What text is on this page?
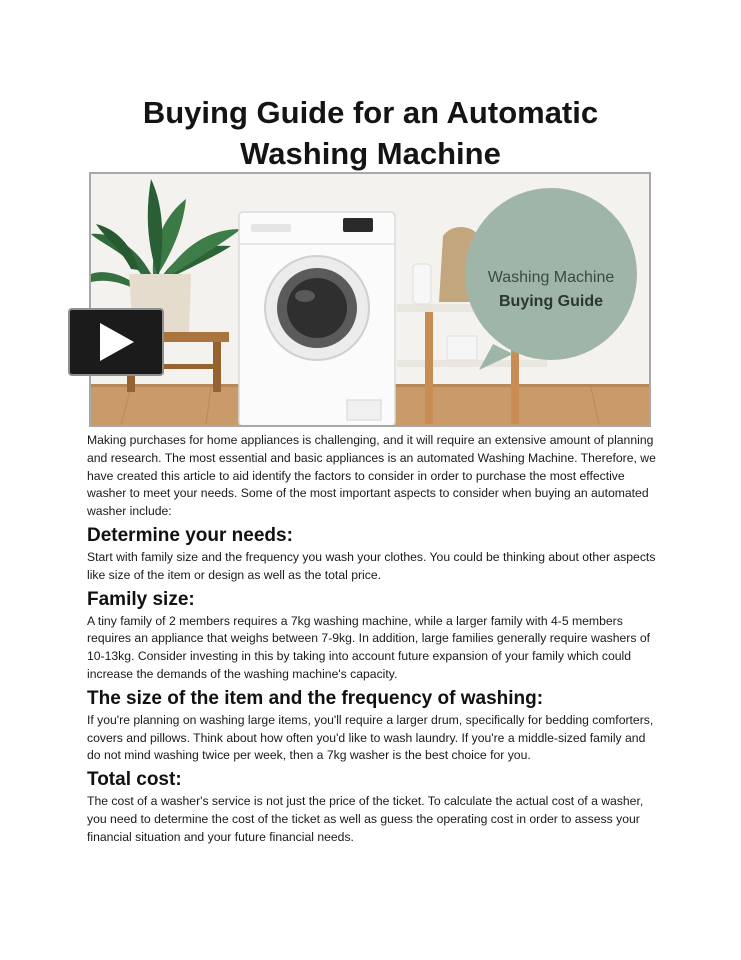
Buying Guide for an Automatic Washing Machine
Washing Machine
Buying Guide

Making purchases for home appliances is challenging, and it will require an extensive amount of planning and research. The most essential and basic appliances is an automated Washing Machine. Therefore, we have created this article to aid identify the factors to consider in order to purchase the most effective washer to meet your needs. Some of the most important aspects to consider when buying an automated washer include:

Determine your needs:

Start with family size and the frequency you wash your clothes. You could be thinking about other aspects like size of the item or design as well as the total price.

Family size:

A tiny family of 2 members requires a 7kg washing machine, while a larger family with 4-5 members requires an appliance that weighs between 7-9kg. In addition, large families generally require washers of 10-13kg. Consider investing in this by taking into account future expansion of your family which could increase the demands of the washing machine's capacity.

The size of the item and the frequency of washing:

If you're planning on washing large items, you'll require a larger drum, specifically for bedding comforters, covers and pillows. Think about how often you'd like to wash laundry. If you're a middle-sized family and do not mind washing twice per week, then a 7kg washer is the best choice for you.

Total cost:

The cost of a washer's service is not just the price of the ticket. To calculate the actual cost of a washer, you need to determine the cost of the ticket as well as guess the operating cost in order to assess your financial situation and your future financial needs.
